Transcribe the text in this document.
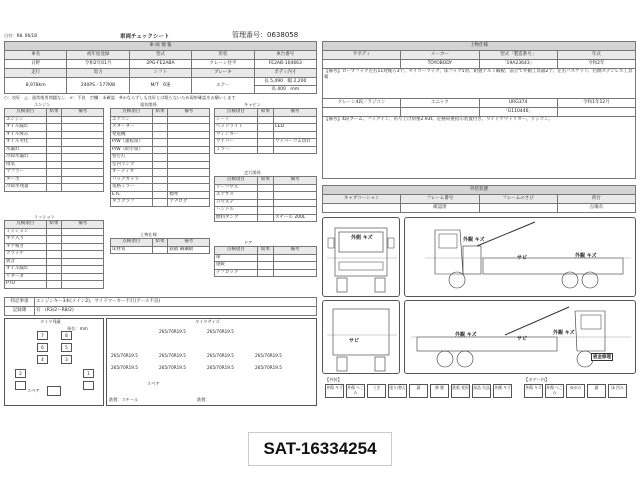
日付：R8. 06/18	車両チェックシート	管理番号：0638058
車 両 情 報				
車名	初年度登録	型式	形状	車台番号
日野	令和2年01月	2PG-FE2ABA	クレーン付平	FE2AB-104663
走行	馬力	シフト	ブレーキ	ボディ内寸
8,978km	240PS／177KW	M/T　6速	エアー	長 5,490　 幅 2,200
				高 400　 mm
○：良好　△：通常使用問題なし　×：不良　空欄：未確認　※かならずしも良好とは限らないため現車確認をお願いします
エンジン
点検項目	結果	備考
エンジン		
オイル漏れ		
オイル滲み		
オイル劣化		
水漏れ		
冷却水漏れ		
排気		
マフラー		
ターボ		
冷却水残量		
電装関係
点検項目	結果	備考
エアコン		
スターター		
発電機		
P/W（運転席）		
P/W（助手席）		
警告灯		
室内ランプ		
オーディオ		
バックカメラ		
電格ミラー		
ETC		標準
タコグラフ		アナログ
キャビン
点検項目	結果	備考
シート		
ヘッドライト		LED
ウィンカー		
ワイパー		ワイパーゴム切れ
ミラー		
ミッション
点検項目	結果	備考
ミッション		
ギア入り		
ギア鳴き		
クラッチ		
異音		
オイル漏れ		
リターダ		
PTO		
走行関係
点検項目	結果	備考
リーフサス		
エアサス		
パワステ		
ハンドル		
燃料タンク		スチール 200L
上物仕様
点検項目	結果	備考
床材質		鉄板 縞鋼板
ドア
点検項目	結果	備考
扉		
施錠		
デフロック		
特記事項	エンジンキー3本(メイン2)、サイドマーカー不灯(アース不良)
記録簿	有　(R3/2～R8/2)
タイヤ残量
単位：mm
7	8
6	5
4	3
2	1
スペア
タイヤサイズ
スペア
鉄製：スチール	鉄製：
265/70R19.5	265/70R19.5
265/70R19.5	265/70R19.5	265/70R19.5	265/70R19.5
265/70R19.5	265/70R19.5	265/70R19.5	265/70R19.5
上物仕様			
平ボディ	メーカー	型式「製造番号」	年式
	TOYOBODY	「19A23643」	令和2年
【備考】ロープフック左右11対後ろ3个、セイコーラック、床フック5対、鉛製アルミ縞板、前立て外側工具箱2个、左右バスケット、右側ステンレス工具箱			
クレーン4段／ラジコン	ユニック	URG374	令和1年12月
		「G110446」	
【備考】4段ブーム、フックイン、吊り上げ荷重2.93t、定格荷重指示装置付き、ワイドアウトリガー、ラジコン。			
外装状態			
キャブコーション	フレーム番号	フレームのさび	荷台
	確認済		点傷有
外側 キズ	外観 キズ
サビ	外観 キズ
サビ
外観 キズ
サビ
外観 キズ
板金修理
【外装】	【ボデー内】
外傷 キズ	外傷 へこみ
うき	塗り/替え	錆	修 歴	鉄板 変形	部品 欠品	外側 キズ	外傷 キズ	外傷 へこみ
ゆがみ	錆	床 凹み
SAT-16334254
